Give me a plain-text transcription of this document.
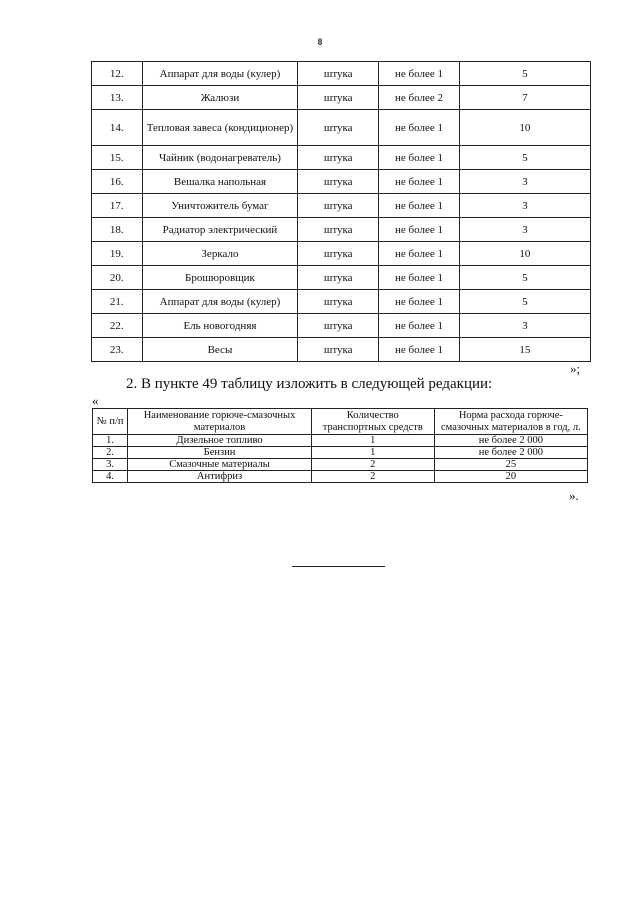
8
12.	Аппарат для воды (кулер)	штука	не более 1	5
13.	Жалюзи	штука	не более 2	7
14.	Тепловая завеса (кондиционер)	штука	не более 1	10
15.	Чайник (водонагреватель)	штука	не более 1	5
16.	Вешалка напольная	штука	не более 1	3
17.	Уничтожитель бумаг	штука	не более 1	3
18.	Радиатор электрический	штука	не более 1	3
19.	Зеркало	штука	не более 1	10
20.	Брошюровщик	штука	не более 1	5
21.	Аппарат для воды (кулер)	штука	не более 1	5
22.	Ель новогодняя	штука	не более 1	3
23.	Весы	штука	не более 1	15
»;
2. В пункте 49 таблицу изложить в следующей редакции:
«
№ п/п	Наименование горюче-смазочных материалов	Количество транспортных средств	Норма расхода горюче-смазочных материалов в год, л.
1.	Дизельное топливо	1	не более 2 000
2.	Бензин	1	не более 2 000
3.	Смазочные материалы	2	25
4.	Антифриз	2	20
».
